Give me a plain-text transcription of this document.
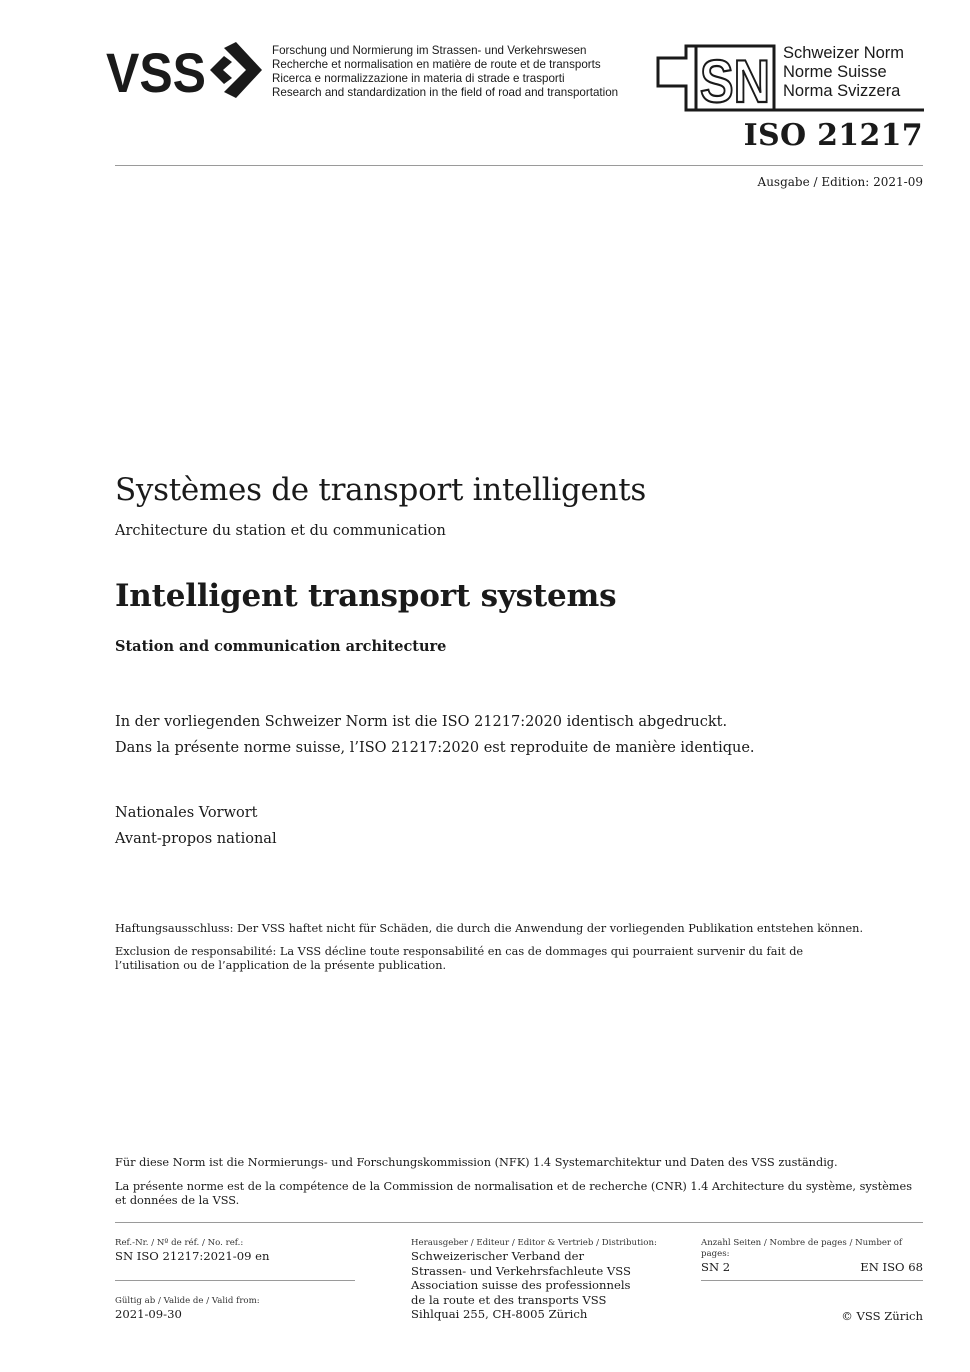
VSS	Forschung und Normierung im Strassen- und Verkehrswesen
Recherche et normalisation en matière de route et de transports
Ricerca e normalizzazione in materia di strade e trasporti
Research and standardization in the field of road and transportation SN Schweizer Norm
Norme Suisse
Norma Svizzera
ISO 21217
Ausgabe / Edition: 2021-09
Systèmes de transport intelligents
Architecture du station et du communication
Intelligent transport systems
Station and communication architecture
In der vorliegenden Schweizer Norm ist die ISO 21217:2020 identisch abgedruckt.
Dans la présente norme suisse, l’ISO 21217:2020 est reproduite de manière identique.
Nationales Vorwort
Avant-propos national
Haftungsausschluss: Der VSS haftet nicht für Schäden, die durch die Anwendung der vorliegenden Publikation entstehen können.
Exclusion de responsabilité: La VSS décline toute responsabilité en cas de dommages qui pourraient survenir du fait de l’utilisation ou de l’application de la présente publication.
Für diese Norm ist die Normierungs- und Forschungskommission (NFK) 1.4 Systemarchitektur und Daten des VSS zuständig.
La présente norme est de la compétence de la Commission de normalisation et de recherche (CNR) 1.4 Architecture du système, systèmes et données de la VSS.
Ref.-Nr. / Nº de réf. / No. ref.:
SN ISO 21217:2021-09 en
Gültig ab / Valide de / Valid from:
2021-09-30
Herausgeber / Editeur / Editor & Vertrieb / Distribution:
Schweizerischer Verband der
Strassen- und Verkehrsfachleute VSS
Association suisse des professionnels
de la route et des transports VSS
Sihlquai 255, CH-8005 Zürich
Anzahl Seiten / Nombre de pages / Number of pages:
SN 2	EN ISO 68
© VSS Zürich
